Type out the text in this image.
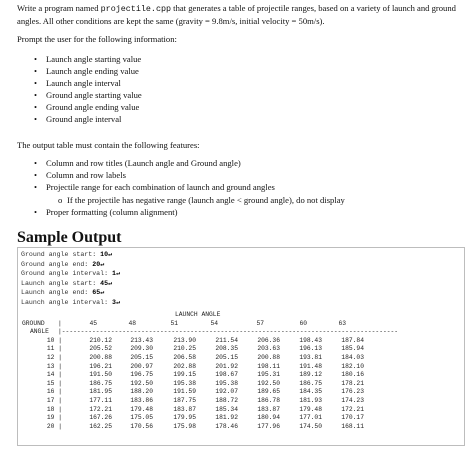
Write a program named projectile.cpp that generates a table of projectile ranges, based on a variety of launch and ground angles. All other conditions are kept the same (gravity = 9.8m/s, initial velocity = 50m/s).

Prompt the user for the following information:

• Launch angle starting value
• Launch angle ending value
• Launch angle interval
• Ground angle starting value
• Ground angle ending value
• Ground angle interval

The output table must contain the following features:

• Column and row titles (Launch angle and Ground angle)
• Column and row labels
• Projectile range for each combination of launch and ground angles
o If the projectile has negative range (launch angle < ground angle), do not display
• Proper formatting (column alignment)
Sample Output
Ground angle start: 10↵
Ground angle end: 20↵
Ground angle interval: 1↵
Launch angle start: 45↵
Launch angle end: 65↵
Launch angle interval: 3↵
LAUNCH ANGLE
GROUND	|	45	48	51	54	57	60	63
ANGLE |-----------------------------------------------------------------------------------------
10 |	210.12	213.43	213.90	211.54	206.36	198.43	187.84
11 |	205.52	209.30	210.25	208.35	203.63	196.13	185.94
12 |	200.88	205.15	206.58	205.15	200.88	193.81	184.03
13 |	196.21	200.97	202.88	201.92	198.11	191.48	182.10
14 |	191.50	196.75	199.15	198.67	195.31	189.12	180.16
15 |	186.75	192.50	195.38	195.38	192.50	186.75	178.21
16 |	181.95	188.20	191.59	192.07	189.65	184.35	176.23
17 |	177.11	183.86	187.75	188.72	186.78	181.93	174.23
18 |	172.21	179.48	183.87	185.34	183.87	179.48	172.21
19 |	167.26	175.05	179.95	181.92	180.94	177.01	170.17
20 |	162.25	170.56	175.98	178.46	177.96	174.50	168.11
